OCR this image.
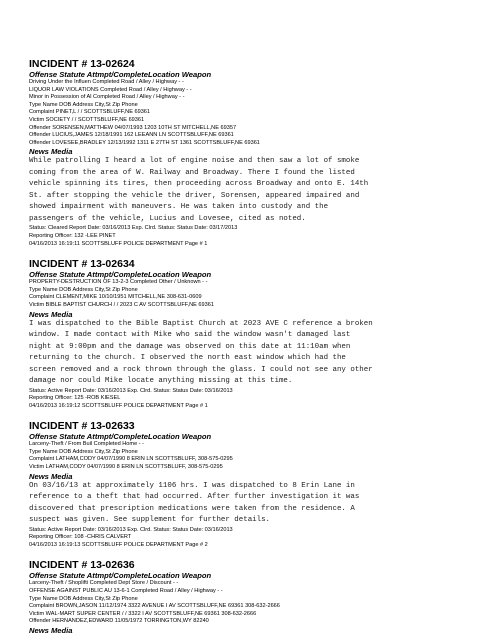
INCIDENT # 13-02624
Offense Statute Attmpt/CompleteLocation Weapon
Driving Under the Influen Completed Road / Alley / Highway - -
LIQUOR LAW VIOLATIONS Completed Road / Alley / Highway - -
Minor in Possession of Al Completed Road / Alley / Highway - -
Type Name DOB Address City,St Zip Phone
Complaint PINET,L / / SCOTTSBLUFF,NE 69361
Victim SOCIETY / / SCOTTSBLUFF,NE 69361
Offender SORENSEN,MATTHEW 04/07/1993 1203 10TH ST MITCHELL,NE 69357
Offender LUCIUS,JAMES 12/18/1991 162 LEEANN LN SCOTTSBLUFF,NE 69361
Offender LOVESEE,BRADLEY 12/13/1992 1311 E 27TH ST 1361 SCOTTSBLUFF,NE 69361
News Media
While patrolling I heard a lot of engine noise and then saw a lot of smoke
coming from the area of W. Railway and Broadway. There I found the listed
vehicle spinning its tires, then proceeding across Broadway and onto E. 14th
St. after stopping the vehicle the driver, Sorensen, appeared impaired and
showed impairment with maneuvers. He was taken into custody and the
passengers of the vehicle, Lucius and Lovesee, cited as noted.
Status: Cleared Report Date: 03/16/2013 Exp. Clrd. Status: Status Date: 03/17/2013
Reporting Officer: 132 -LEE PINET
04/16/2013 16:19:11 SCOTTSBLUFF POLICE DEPARTMENT Page # 1
INCIDENT # 13-02634
Offense Statute Attmpt/CompleteLocation Weapon
PROPERTY-DESTRUCTION OF 13-2-3 Completed Other / Unknown - -
Type Name DOB Address City,St Zip Phone
Complaint CLEMENT,MIKE 10/10/1951 MITCHELL,NE 308-631-0609
Victim BIBLE BAPTIST CHURCH / / 2023 C AV SCOTTSBLUFF,NE 69361
News Media
I was dispatched to the Bible Baptist Church at 2023 AVE C reference a broken
window. I made contact with Mike who said the window wasn't damaged last
night at 9:00pm and the damage was observed on this date at 11:10am when
returning to the church. I observed the north east window which had the
screen removed and a rock thrown through the glass. I could not see any other
damage nor could Mike locate anything missing at this time.
Status: Active Report Date: 03/16/2013 Exp. Clrd. Status: Status Date: 03/16/2013
Reporting Officer: 125 -ROB KIESEL
04/16/2013 16:19:12 SCOTTSBLUFF POLICE DEPARTMENT Page # 1
INCIDENT # 13-02633
Offense Statute Attmpt/CompleteLocation Weapon
Larceny-Theft / From Buil Completed Home - -
Type Name DOB Address City,St Zip Phone
Complaint LATHAM,CODY 04/07/1990 8 ERIN LN SCOTTSBLUFF, 308-575-0295
Victim LATHAM,CODY 04/07/1990 8 ERIN LN SCOTTSBLUFF, 308-575-0295
News Media
On 03/16/13 at approximately 1106 hrs. I was dispatched to 8 Erin Lane in
reference to a theft that had occurred. After further investigation it was
discovered that prescription medications were taken from the residence. A
suspect was given. See supplement for further details.
Status: Active Report Date: 03/16/2013 Exp. Clrd. Status: Status Date: 03/16/2013
Reporting Officer: 108 -CHRIS CALVERT
04/16/2013 16:19:13 SCOTTSBLUFF POLICE DEPARTMENT Page # 2
INCIDENT # 13-02636
Offense Statute Attmpt/CompleteLocation Weapon
Larceny-Theft / Shoplifti Completed Dept Store / Discount - -
OFFENSE AGAINST PUBLIC AU 13-6-1 Completed Road / Alley / Highway - -
Type Name DOB Address City,St Zip Phone
Complaint BROWN,JASON 11/12/1974 3322 AVENUE I AV SCOTTSBLUFF,NE 69361 308-632-2666
Victim WAL-MART SUPER CENTER / / 3322 I AV SCOTTSBLUFF,NE 69361 308-632-2666
Offender HERNANDEZ,EDWARD 11/05/1972 TORRINGTON,WY 82240
News Media
